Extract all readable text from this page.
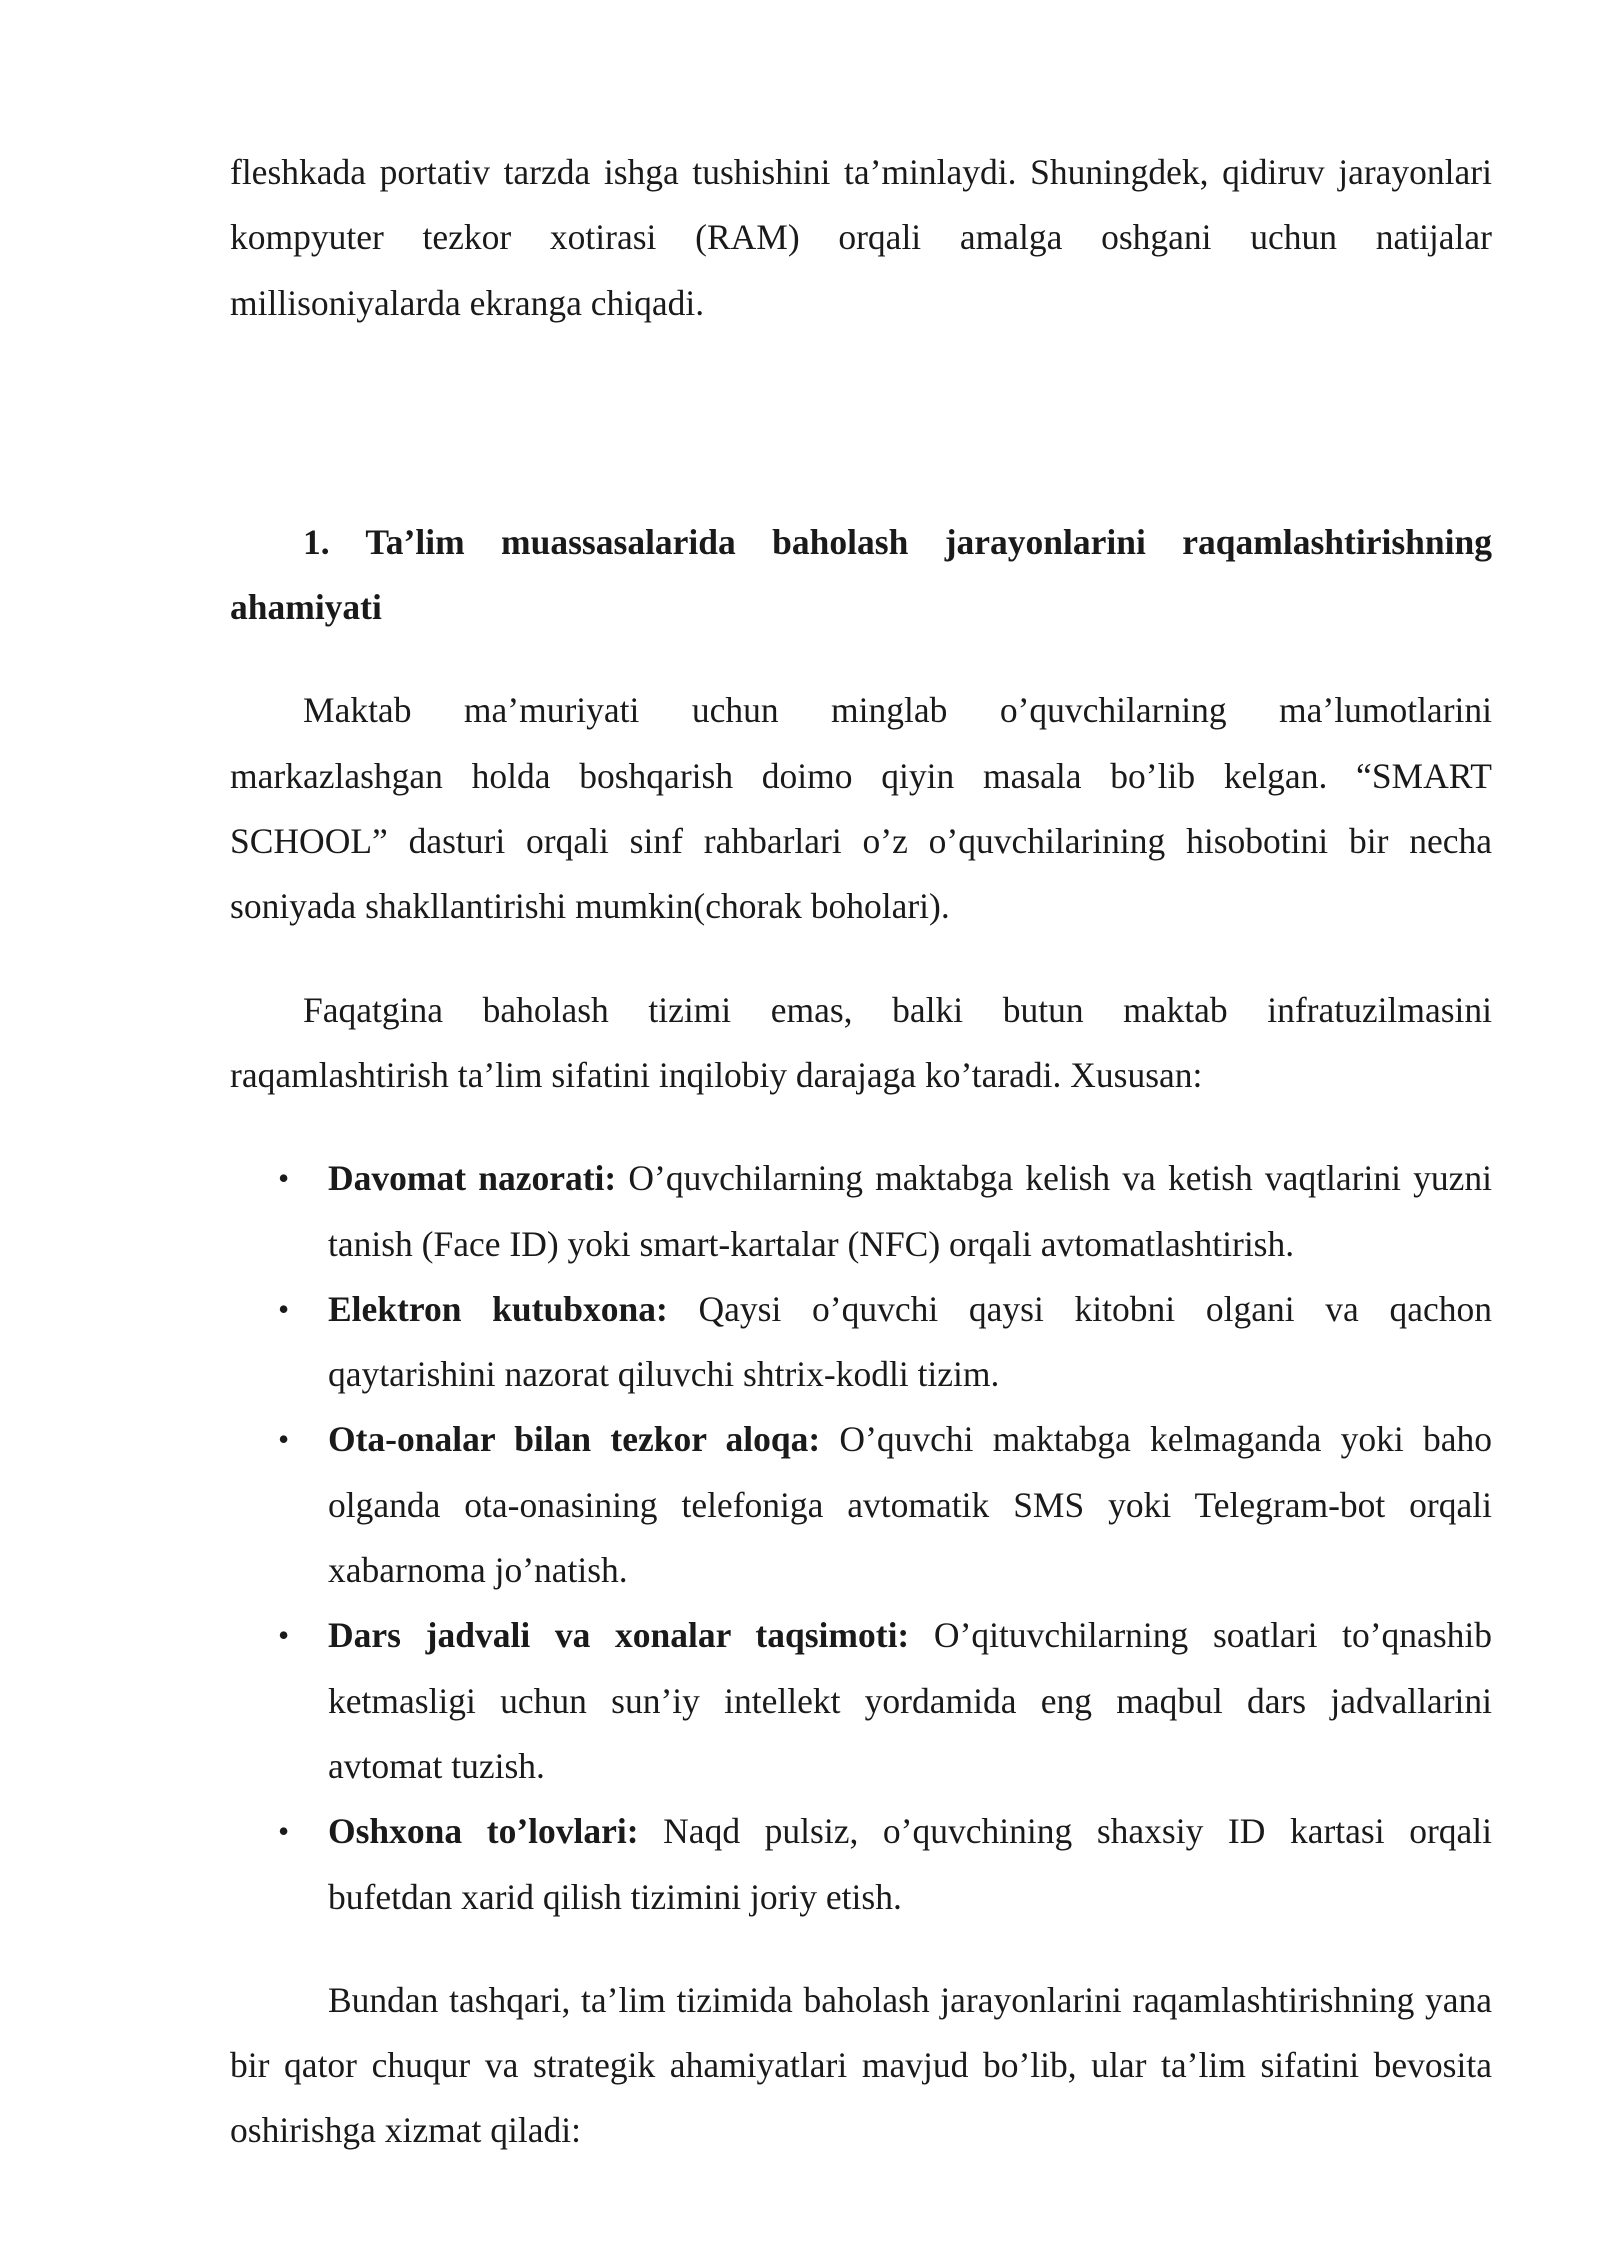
fleshkada portativ tarzda ishga tushishini ta’minlaydi. Shuningdek, qidiruv jarayonlari kompyuter tezkor xotirasi (RAM) orqali amalga oshgani uchun natijalar millisoniyalarda ekranga chiqadi.

1. Ta’lim muassasalarida baholash jarayonlarini raqamlashtirishning ahamiyati

Maktab ma’muriyati uchun minglab o’quvchilarning ma’lumotlarini markazlashgan holda boshqarish doimo qiyin masala bo’lib kelgan. “SMART SCHOOL” dasturi orqali sinf rahbarlari o’z o’quvchilarining hisobotini bir necha soniyada shakllantirishi mumkin(chorak boholari).

Faqatgina baholash tizimi emas, balki butun maktab infratuzilmasini raqamlashtirish ta’lim sifatini inqilobiy darajaga ko’taradi. Xususan:

• Davomat nazorati: O’quvchilarning maktabga kelish va ketish vaqtlarini yuzni tanish (Face ID) yoki smart-kartalar (NFC) orqali avtomatlashtirish.
• Elektron kutubxona: Qaysi o’quvchi qaysi kitobni olgani va qachon qaytarishini nazorat qiluvchi shtrix-kodli tizim.
• Ota-onalar bilan tezkor aloqa: O’quvchi maktabga kelmaganda yoki baho olganda ota-onasining telefoniga avtomatik SMS yoki Telegram-bot orqali xabarnoma jo’natish.
• Dars jadvali va xonalar taqsimoti: O’qituvchilarning soatlari to’qnashib ketmasligi uchun sun’iy intellekt yordamida eng maqbul dars jadvallarini avtomat tuzish.
• Oshxona to’lovlari: Naqd pulsiz, o’quvchining shaxsiy ID kartasi orqali bufetdan xarid qilish tizimini joriy etish.

Bundan tashqari, ta’lim tizimida baholash jarayonlarini raqamlashtirishning yana bir qator chuqur va strategik ahamiyatlari mavjud bo’lib, ular ta’lim sifatini bevosita oshirishga xizmat qiladi:
